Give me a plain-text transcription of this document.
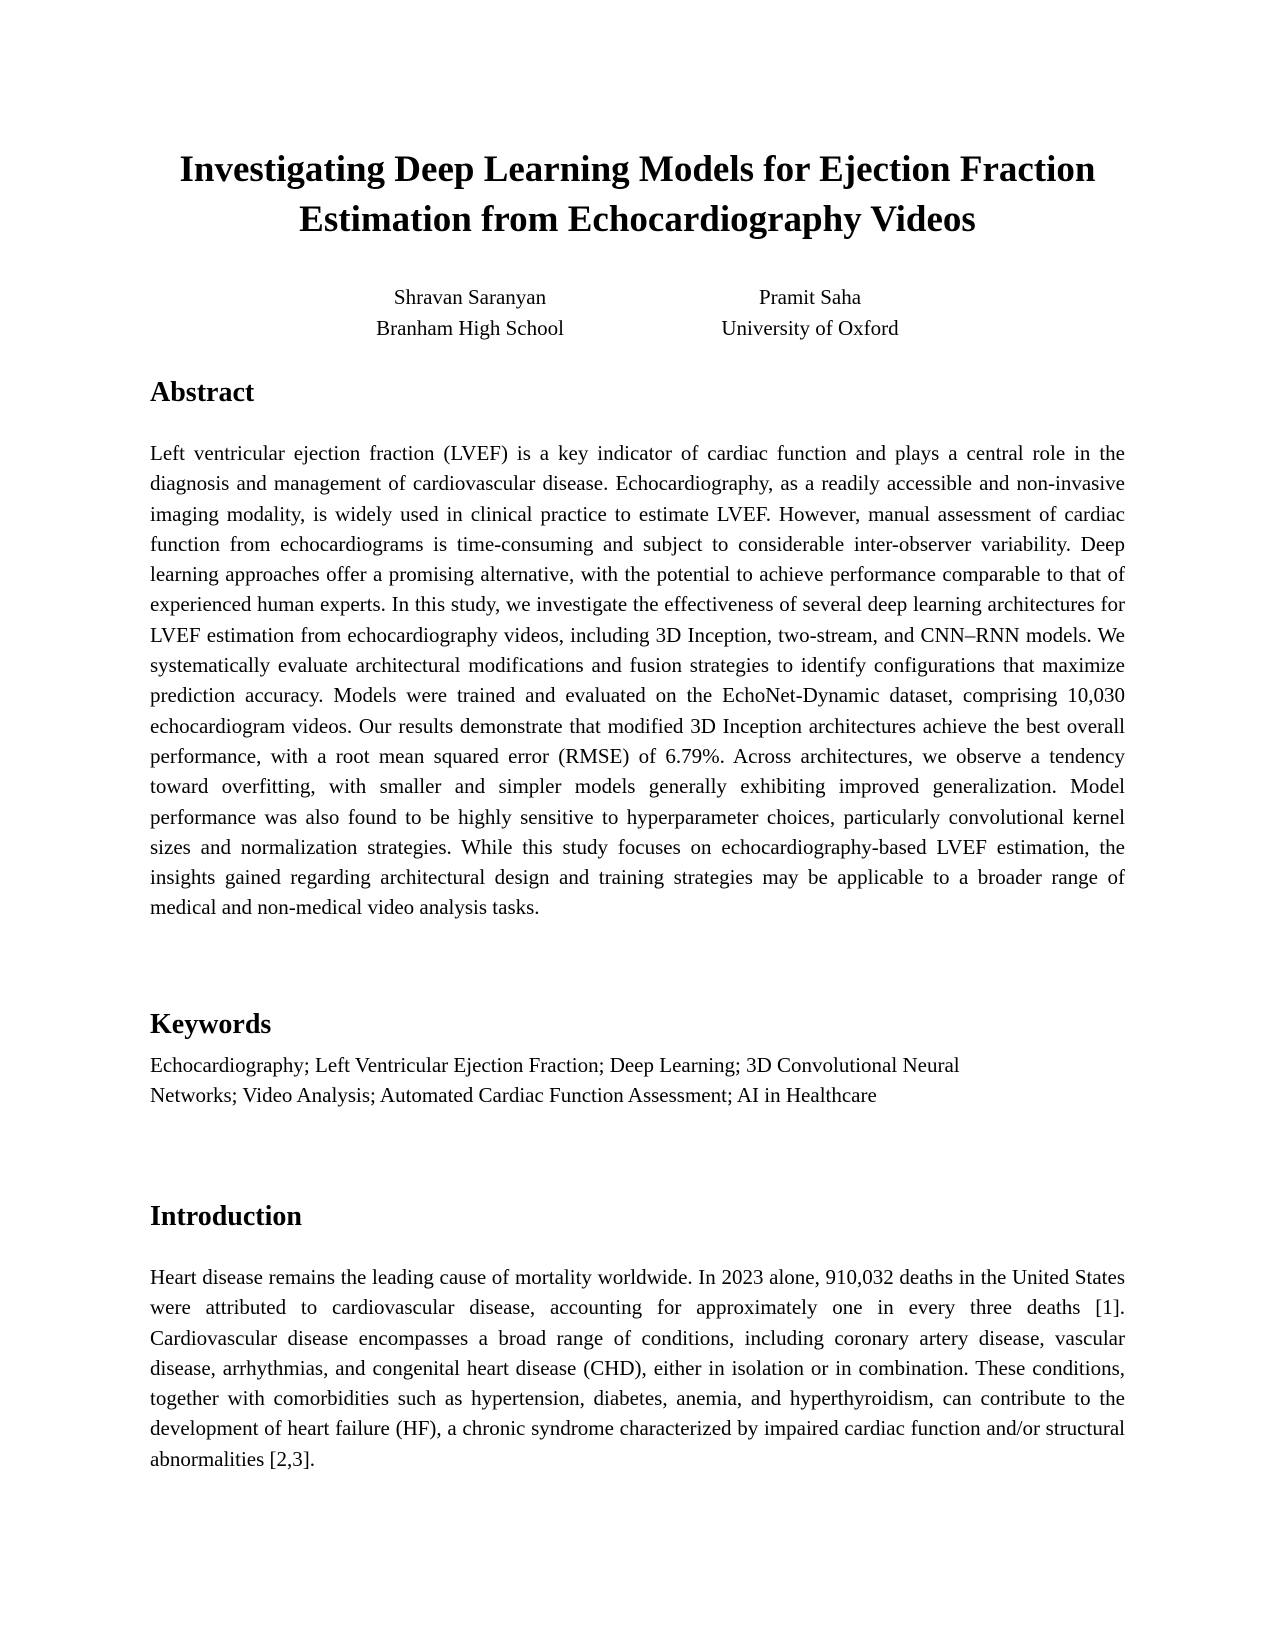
Investigating Deep Learning Models for Ejection Fraction
Estimation from Echocardiography Videos
Shravan Saranyan
Branham High School
Pramit Saha
University of Oxford
Abstract

Left ventricular ejection fraction (LVEF) is a key indicator of cardiac function and plays a central role in the diagnosis and management of cardiovascular disease. Echocardiography, as a readily accessible and non-invasive imaging modality, is widely used in clinical practice to estimate LVEF. However, manual assessment of cardiac function from echocardiograms is time-consuming and subject to considerable inter-observer variability. Deep learning approaches offer a promising alternative, with the potential to achieve performance comparable to that of experienced human experts. In this study, we investigate the effectiveness of several deep learning architectures for LVEF estimation from echocardiography videos, including 3D Inception, two-stream, and CNN–RNN models. We systematically evaluate architectural modifications and fusion strategies to identify configurations that maximize prediction accuracy. Models were trained and evaluated on the EchoNet-Dynamic dataset, comprising 10,030 echocardiogram videos. Our results demonstrate that modified 3D Inception architectures achieve the best overall performance, with a root mean squared error (RMSE) of 6.79%. Across architectures, we observe a tendency toward overfitting, with smaller and simpler models generally exhibiting improved generalization. Model performance was also found to be highly sensitive to hyperparameter choices, particularly convolutional kernel sizes and normalization strategies. While this study focuses on echocardiography-based LVEF estimation, the insights gained regarding architectural design and training strategies may be applicable to a broader range of medical and non-medical video analysis tasks.

Keywords

Echocardiography; Left Ventricular Ejection Fraction; Deep Learning; 3D Convolutional Neural Networks; Video Analysis; Automated Cardiac Function Assessment; AI in Healthcare

Introduction

Heart disease remains the leading cause of mortality worldwide. In 2023 alone, 910,032 deaths in the United States were attributed to cardiovascular disease, accounting for approximately one in every three deaths [1]. Cardiovascular disease encompasses a broad range of conditions, including coronary artery disease, vascular disease, arrhythmias, and congenital heart disease (CHD), either in isolation or in combination. These conditions, together with comorbidities such as hypertension, diabetes, anemia, and hyperthyroidism, can contribute to the development of heart failure (HF), a chronic syndrome characterized by impaired cardiac function and/or structural abnormalities [2,3].
